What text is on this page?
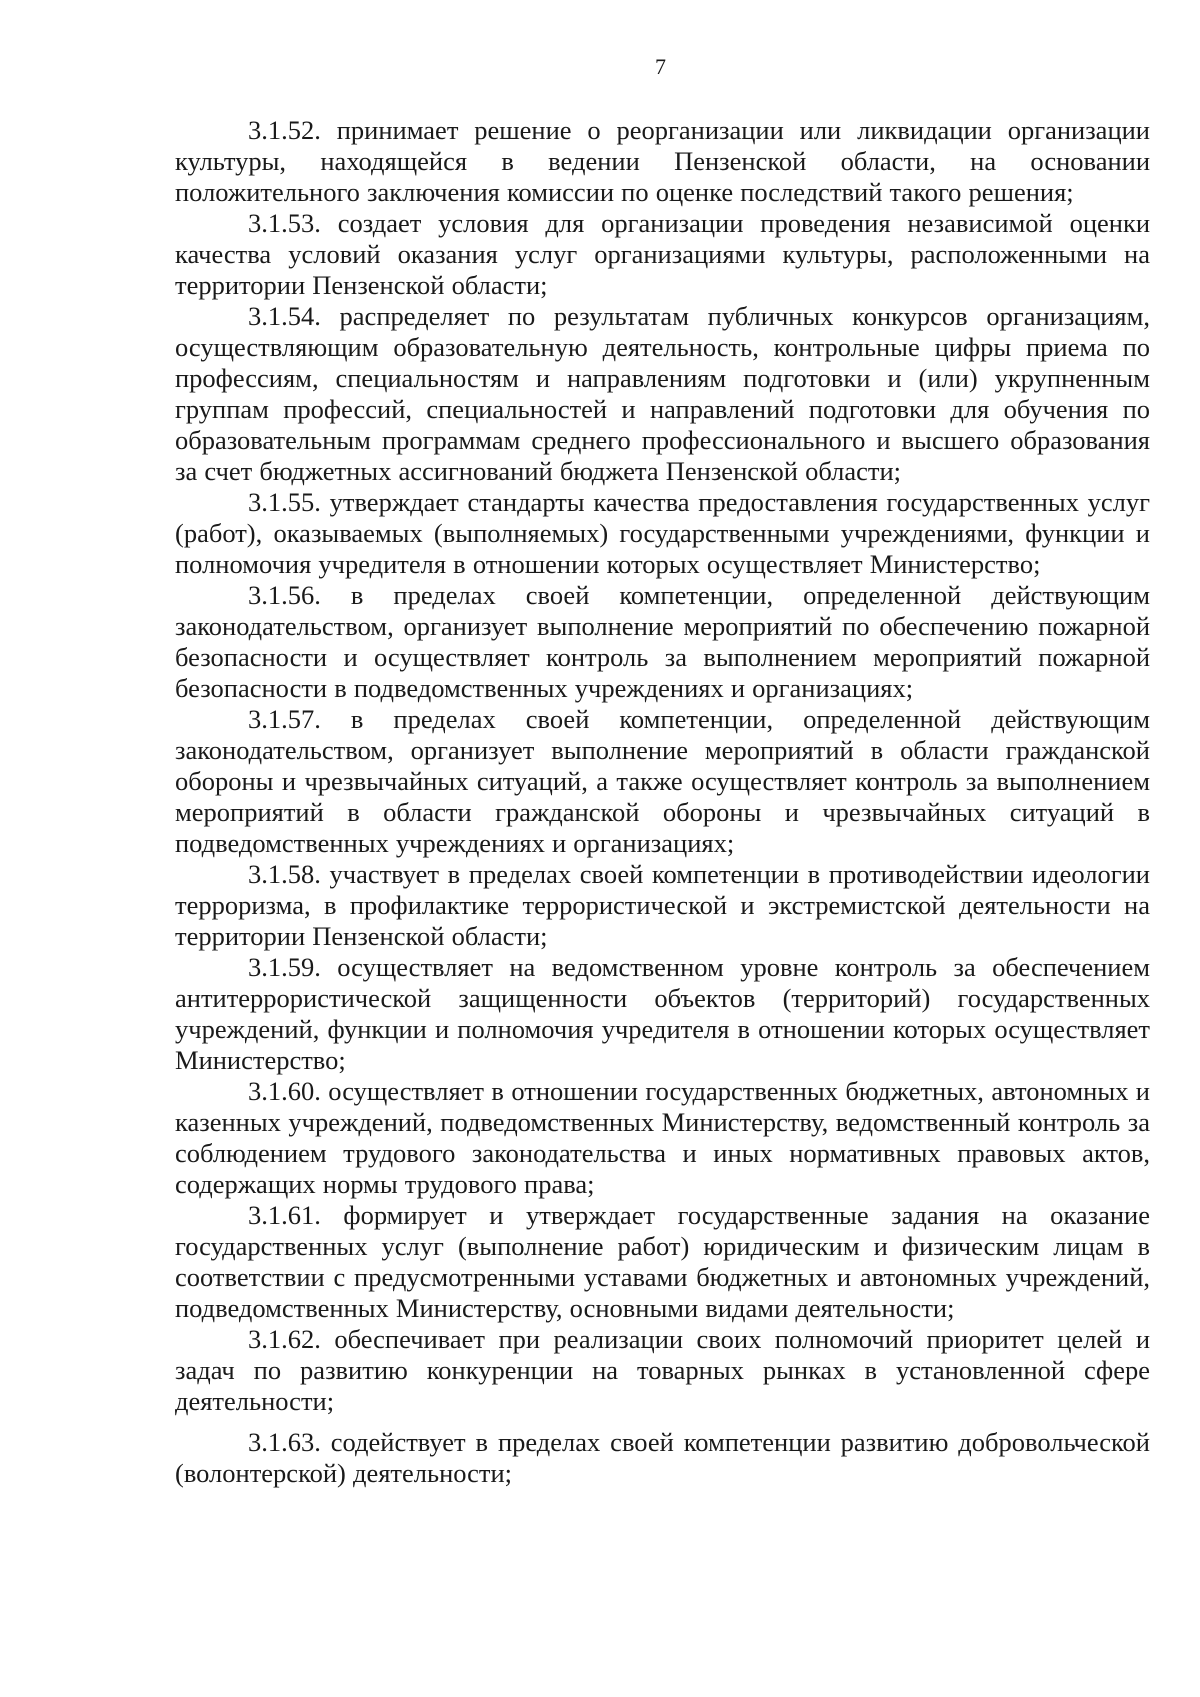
7

3.1.52. принимает решение о реорганизации или ликвидации организации культуры, находящейся в ведении Пензенской области, на основании положительного заключения комиссии по оценке последствий такого решения;

3.1.53. создает условия для организации проведения независимой оценки качества условий оказания услуг организациями культуры, расположенными на территории Пензенской области;

3.1.54. распределяет по результатам публичных конкурсов организациям, осуществляющим образовательную деятельность, контрольные цифры приема по профессиям, специальностям и направлениям подготовки и (или) укрупненным группам профессий, специальностей и направлений подготовки для обучения по образовательным программам среднего профессионального и высшего образования за счет бюджетных ассигнований бюджета Пензенской области;

3.1.55. утверждает стандарты качества предоставления государственных услуг (работ), оказываемых (выполняемых) государственными учреждениями, функции и полномочия учредителя в отношении которых осуществляет Министерство;

3.1.56. в пределах своей компетенции, определенной действующим законодательством, организует выполнение мероприятий по обеспечению пожарной безопасности и осуществляет контроль за выполнением мероприятий пожарной безопасности в подведомственных учреждениях и организациях;

3.1.57. в пределах своей компетенции, определенной действующим законодательством, организует выполнение мероприятий в области гражданской обороны и чрезвычайных ситуаций, а также осуществляет контроль за выполнением мероприятий в области гражданской обороны и чрезвычайных ситуаций в подведомственных учреждениях и организациях;

3.1.58. участвует в пределах своей компетенции в противодействии идеологии терроризма, в профилактике террористической и экстремистской деятельности на территории Пензенской области;

3.1.59. осуществляет на ведомственном уровне контроль за обеспечением антитеррористической защищенности объектов (территорий) государственных учреждений, функции и полномочия учредителя в отношении которых осуществляет Министерство;

3.1.60. осуществляет в отношении государственных бюджетных, автономных и казенных учреждений, подведомственных Министерству, ведомственный контроль за соблюдением трудового законодательства и иных нормативных правовых актов, содержащих нормы трудового права;

3.1.61. формирует и утверждает государственные задания на оказание государственных услуг (выполнение работ) юридическим и физическим лицам в соответствии с предусмотренными уставами бюджетных и автономных учреждений, подведомственных Министерству, основными видами деятельности;

3.1.62. обеспечивает при реализации своих полномочий приоритет целей и задач по развитию конкуренции на товарных рынках в установленной сфере деятельности;

3.1.63. содействует в пределах своей компетенции развитию добровольческой (волонтерской) деятельности;
